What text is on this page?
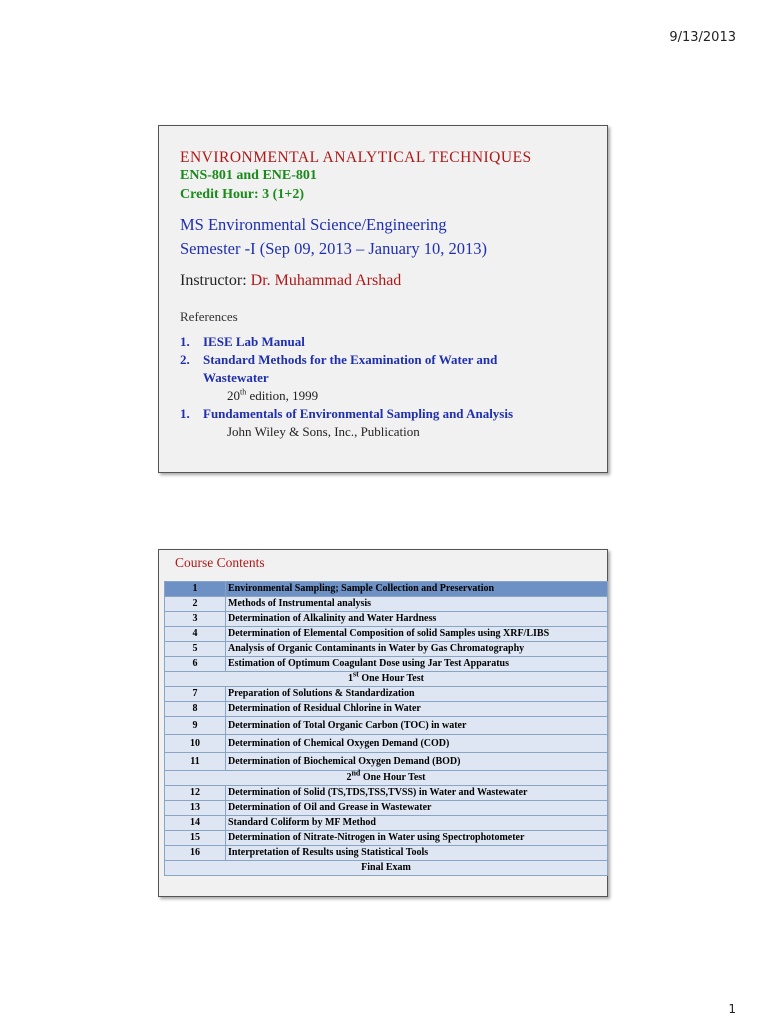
9/13/2013
ENVIRONMENTAL ANALYTICAL TECHNIQUES
ENS-801 and ENE-801
Credit Hour: 3 (1+2)
MS Environmental Science/Engineering
Semester -I (Sep 09, 2013 – January 10, 2013)
Instructor: Dr. Muhammad Arshad
References
1.	IESE Lab Manual
2.	Standard Methods for the Examination of Water and
Wastewater
20th edition, 1999
1.	Fundamentals of Environmental Sampling and Analysis
John Wiley & Sons, Inc., Publication
Course Contents
1	Environmental Sampling; Sample Collection and Preservation
2	Methods of Instrumental analysis
3	Determination of Alkalinity and Water Hardness
4	Determination of Elemental Composition of solid Samples using XRF/LIBS
5	Analysis of Organic Contaminants in Water by Gas Chromatography
6	Estimation of Optimum Coagulant Dose using Jar Test Apparatus
1st One Hour Test	
7	Preparation of Solutions & Standardization
8	Determination of Residual Chlorine in Water
9	Determination of Total Organic Carbon (TOC) in water
10	Determination of Chemical Oxygen Demand (COD)
11	Determination of Biochemical Oxygen Demand (BOD)
2nd One Hour Test	
12	Determination of Solid (TS,TDS,TSS,TVSS) in Water and Wastewater
13	Determination of Oil and Grease in Wastewater
14	Standard Coliform by MF Method
15	Determination of Nitrate-Nitrogen in Water using Spectrophotometer
16	Interpretation of Results using Statistical Tools
Final Exam	
1
